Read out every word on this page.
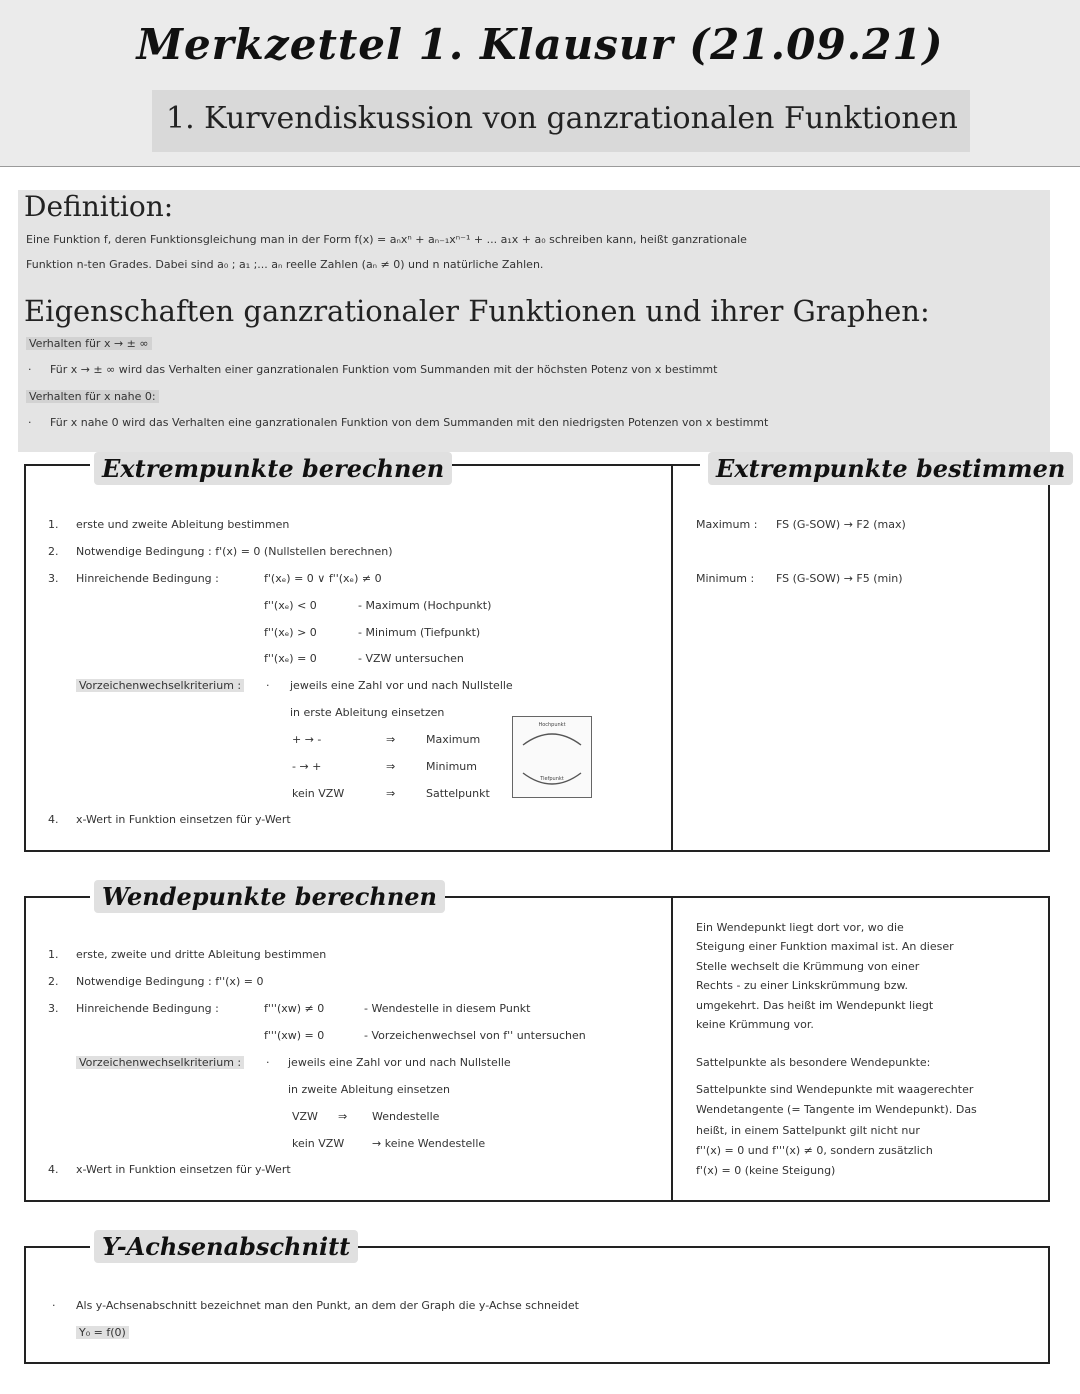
Merkzettel 1. Klausur (21.09.21)
1. Kurvendiskussion von ganzrationalen Funktionen
Definition:
Eine Funktion f, deren Funktionsgleichung man in der Form f(x) = aₙxⁿ + aₙ₋₁xⁿ⁻¹ + ... a₁x + a₀ schreiben kann, heißt ganzrationale
Funktion n-ten Grades. Dabei sind a₀ ; a₁ ;... aₙ reelle Zahlen (aₙ ≠ 0) und n natürliche Zahlen.
Eigenschaften ganzrationaler Funktionen und ihrer Graphen:
Verhalten für x → ± ∞
· Für x → ± ∞ wird das Verhalten einer ganzrationalen Funktion vom Summanden mit der höchsten Potenz von x bestimmt
Verhalten für x nahe 0:
· Für x nahe 0 wird das Verhalten eine ganzrationalen Funktion von dem Summanden mit den niedrigsten Potenzen von x bestimmt
Extrempunkte berechnen	Extrempunkte bestimmen
1. erste und zweite Ableitung bestimmen
2. Notwendige Bedingung : f'(x) = 0 (Nullstellen berechnen)
3. Hinreichende Bedingung :	f'(xₑ) = 0 ∨ f''(xₑ) ≠ 0
f''(xₑ) < 0	- Maximum (Hochpunkt)
f''(xₑ) > 0	- Minimum (Tiefpunkt)
f''(xₑ) = 0	- VZW untersuchen
Vorzeichenwechselkriterium : · jeweils eine Zahl vor und nach Nullstelle
in erste Ableitung einsetzen
+ → -	⇒	Maximum
- → +	⇒	Minimum
kein VZW	⇒	Sattelpunkt
Hochpunkt
Tiefpunkt
4. x-Wert in Funktion einsetzen für y-Wert
Maximum : FS (G-SOW) → F2 (max)
Minimum : FS (G-SOW) → F5 (min)
Wendepunkte berechnen
1. erste, zweite und dritte Ableitung bestimmen
2. Notwendige Bedingung : f''(x) = 0
3. Hinreichende Bedingung :	f'''(xw) ≠ 0	- Wendestelle in diesem Punkt
f'''(xw) = 0	- Vorzeichenwechsel von f'' untersuchen
Vorzeichenwechselkriterium : · jeweils eine Zahl vor und nach Nullstelle
in zweite Ableitung einsetzen
VZW ⇒ Wendestelle
kein VZW	→ keine Wendestelle
4. x-Wert in Funktion einsetzen für y-Wert
Ein Wendepunkt liegt dort vor, wo die
Steigung einer Funktion maximal ist. An dieser
Stelle wechselt die Krümmung von einer
Rechts - zu einer Linkskrümmung bzw.
umgekehrt. Das heißt im Wendepunkt liegt
keine Krümmung vor.
Sattelpunkte als besondere Wendepunkte:
Sattelpunkte sind Wendepunkte mit waagerechter
Wendetangente (= Tangente im Wendepunkt). Das
heißt, in einem Sattelpunkt gilt nicht nur
f''(x) = 0 und f'''(x) ≠ 0, sondern zusätzlich
f'(x) = 0 (keine Steigung)
Y-Achsenabschnitt
· Als y-Achsenabschnitt bezeichnet man den Punkt, an dem der Graph die y-Achse schneidet
Y₀ = f(0)
